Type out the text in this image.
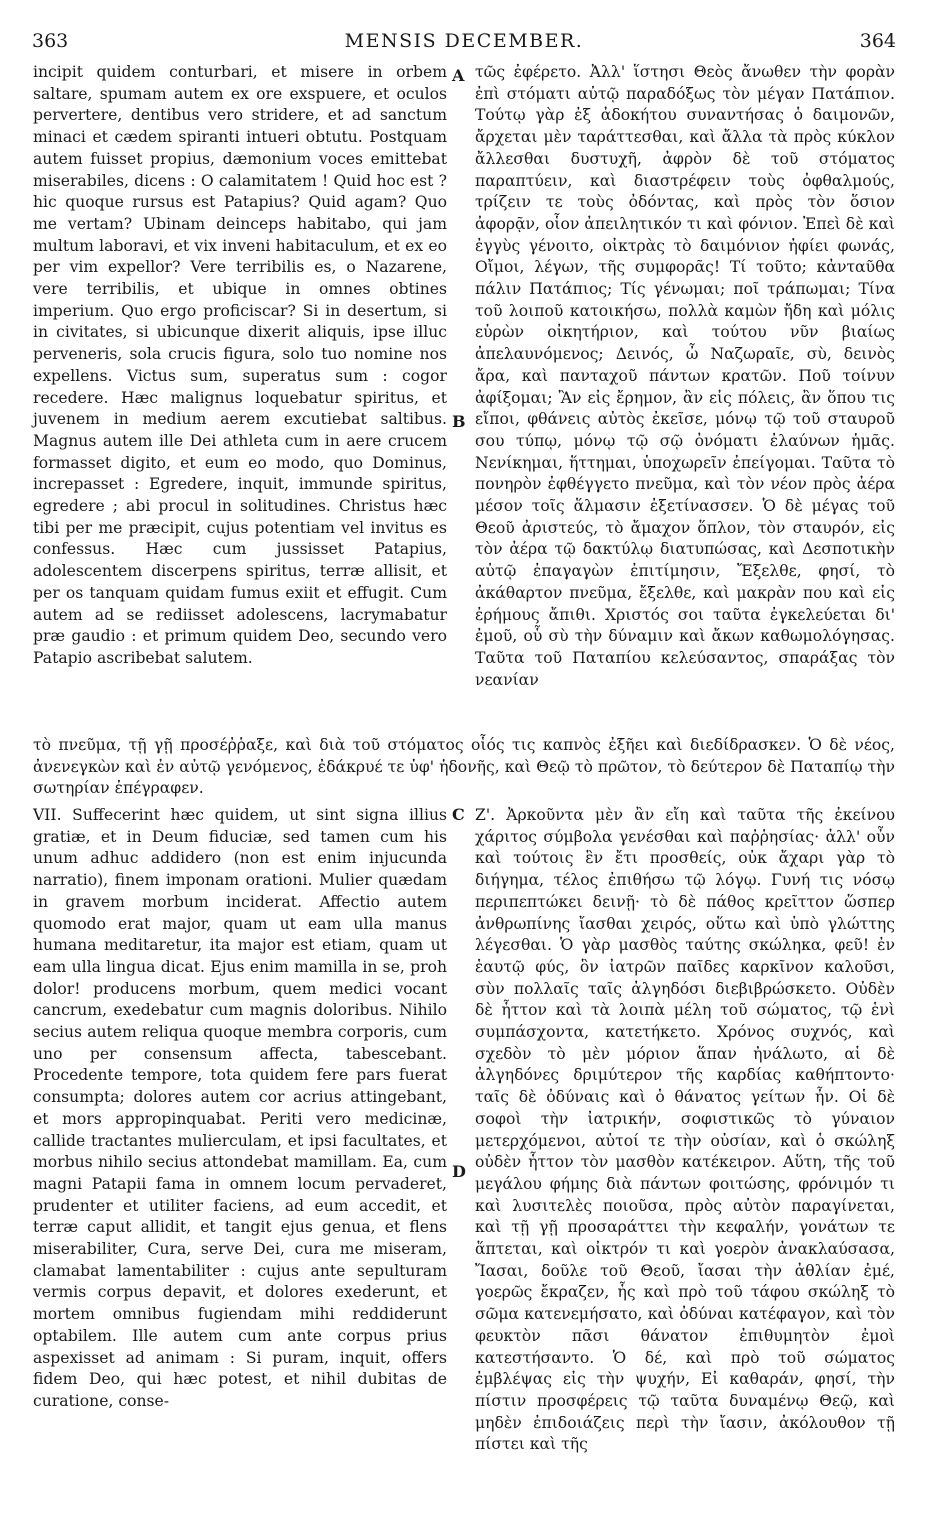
363	MENSIS DECEMBER.	364

incipit quidem conturbari, et misere in orbem saltare, spumam autem ex ore exspuere, et oculos pervertere, dentibus vero stridere, et ad sanctum minaci et cædem spiranti intueri obtutu. Postquam autem fuisset propius, dæmonium voces emittebat miserabiles, dicens : O calamitatem ! Quid hoc est ? hic quoque rursus est Patapius? Quid agam? Quo me vertam? Ubinam deinceps habitabo, qui jam multum laboravi, et vix inveni habitaculum, et ex eo per vim expellor? Vere terribilis es, o Nazarene, vere terribilis, et ubique in omnes obtines imperium. Quo ergo proficiscar? Si in desertum, si in civitates, si ubicunque dixerit aliquis, ipse illuc perveneris, sola crucis figura, solo tuo nomine nos expellens. Victus sum, superatus sum : cogor recedere. Hæc malignus loquebatur spiritus, et juvenem in medium aerem excutiebat saltibus. Magnus autem ille Dei athleta cum in aere crucem formasset digito, et eum eo modo, quo Dominus, increpasset : Egredere, inquit, immunde spiritus, egredere ; abi procul in solitudines. Christus hæc tibi per me præcipit, cujus potentiam vel invitus es confessus. Hæc cum jussisset Patapius, adolescentem discerpens spiritus, terræ allisit, et per os tanquam quidam fumus exiit et effugit. Cum autem ad se rediisset adolescens, lacrymabatur præ gaudio : et primum quidem Deo, secundo vero Patapio ascribebat salutem.

τῶς ἐφέρετο. Ἀλλ' ἵστησι Θεὸς ἄνωθεν τὴν φορὰν ἐπὶ στόματι αὐτῷ παραδόξως τὸν μέγαν Πατάπιον. Τούτῳ γὰρ ἐξ ἀδοκήτου συναντήσας ὁ δαιμονῶν, ἄρχεται μὲν ταράττεσθαι, καὶ ἄλλα τὰ πρὸς κύκλον ἄλλεσθαι δυστυχῆ, ἀφρὸν δὲ τοῦ στόματος παραπτύειν, καὶ διαστρέφειν τοὺς ὀφθαλμούς, τρίζειν τε τοὺς ὀδόντας, καὶ πρὸς τὸν ὅσιον ἀφορᾷν, οἷον ἀπειλητικόν τι καὶ φόνιον. Ἐπεὶ δὲ καὶ ἐγγὺς γένοιτο, οἰκτρὰς τὸ δαιμόνιον ἠφίει φωνάς, Οἴμοι, λέγων, τῆς συμφορᾶς! Τί τοῦτο; κἀνταῦθα πάλιν Πατάπιος; Τίς γένωμαι; ποῖ τράπωμαι; Τίνα τοῦ λοιποῦ κατοικήσω, πολλὰ καμὼν ἤδη καὶ μόλις εὑρὼν οἰκητήριον, καὶ τούτου νῦν βιαίως ἀπελαυνόμενος; Δεινός, ὦ Ναζωραῖε, σὺ, δεινὸς ἄρα, καὶ πανταχοῦ πάντων κρατῶν. Ποῦ τοίνυν ἀφίξομαι; Ἂν εἰς ἔρημον, ἂν εἰς πόλεις, ἂν ὅπου τις εἴποι, φθάνεις αὐτὸς ἐκεῖσε, μόνῳ τῷ τοῦ σταυροῦ σου τύπῳ, μόνῳ τῷ σῷ ὀνόματι ἐλαύνων ἡμᾶς. Νενίκημαι, ἥττημαι, ὑποχωρεῖν ἐπείγομαι. Ταῦτα τὸ πονηρὸν ἐφθέγγετο πνεῦμα, καὶ τὸν νέον πρὸς ἀέρα μέσον τοῖς ἅλμασιν ἐξετίνασσεν. Ὁ δὲ μέγας τοῦ Θεοῦ ἀριστεύς, τὸ ἄμαχον ὅπλον, τὸν σταυρόν, εἰς τὸν ἀέρα τῷ δακτύλῳ διατυπώσας, καὶ Δεσποτικὴν αὐτῷ ἐπαγαγὼν ἐπιτίμησιν, Ἔξελθε, φησί, τὸ ἀκάθαρτον πνεῦμα, ἔξελθε, καὶ μακρὰν που καὶ εἰς ἐρήμους ἄπιθι. Χριστός σοι ταῦτα ἐγκελεύεται δι' ἐμοῦ, οὗ σὺ τὴν δύναμιν καὶ ἄκων καθωμολόγησας. Ταῦτα τοῦ Παταπίου κελεύσαντος, σπαράξας τὸν νεανίαν

A
B
C
D

τὸ πνεῦμα, τῇ γῇ προσέῤῥαξε, καὶ διὰ τοῦ στόματος οἷός τις καπνὸς ἐξῆει καὶ διεδίδρασκεν. Ὁ δὲ νέος, ἀνενεγκὼν καὶ ἐν αὐτῷ γενόμενος, ἐδάκρυέ τε ὑφ' ἡδονῆς, καὶ Θεῷ τὸ πρῶτον, τὸ δεύτερον δὲ Παταπίῳ τὴν σωτηρίαν ἐπέγραφεν.

VII. Suffecerint hæc quidem, ut sint signa illius gratiæ, et in Deum fiduciæ, sed tamen cum his unum adhuc addidero (non est enim injucunda narratio), finem imponam orationi. Mulier quædam in gravem morbum inciderat. Affectio autem quomodo erat major, quam ut eam ulla manus humana meditaretur, ita major est etiam, quam ut eam ulla lingua dicat. Ejus enim mamilla in se, proh dolor! producens morbum, quem medici vocant cancrum, exedebatur cum magnis doloribus. Nihilo secius autem reliqua quoque membra corporis, cum uno per consensum affecta, tabescebant. Procedente tempore, tota quidem fere pars fuerat consumpta; dolores autem cor acrius attingebant, et mors appropinquabat. Periti vero medicinæ, callide tractantes mulierculam, et ipsi facultates, et morbus nihilo secius attondebat mamillam. Ea, cum magni Patapii fama in omnem locum pervaderet, prudenter et utiliter faciens, ad eum accedit, et terræ caput allidit, et tangit ejus genua, et flens miserabiliter, Cura, serve Dei, cura me miseram, clamabat lamentabiliter : cujus ante sepulturam vermis corpus depavit, et dolores exederunt, et mortem omnibus fugiendam mihi reddiderunt optabilem. Ille autem cum ante corpus prius aspexisset ad animam : Si puram, inquit, offers fidem Deo, qui hæc potest, et nihil dubitas de curatione, conse-

Ζ'. Ἀρκοῦντα μὲν ἂν εἴη καὶ ταῦτα τῆς ἐκείνου χάριτος σύμβολα γενέσθαι καὶ παῤῥησίας· ἀλλ' οὖν καὶ τούτοις ἓν ἔτι προσθείς, οὐκ ἄχαρι γὰρ τὸ διήγημα, τέλος ἐπιθήσω τῷ λόγῳ. Γυνή τις νόσῳ περιπεπτώκει δεινῇ· τὸ δὲ πάθος κρεῖττον ὥσπερ ἀνθρωπίνης ἴασθαι χειρός, οὕτω καὶ ὑπὸ γλώττης λέγεσθαι. Ὁ γὰρ μασθὸς ταύτης σκώληκα, φεῦ! ἐν ἑαυτῷ φύς, ὃν ἰατρῶν παῖδες καρκῖνον καλοῦσι, σὺν πολλαῖς ταῖς ἀλγηδόσι διεβιβρώσκετο. Οὐδὲν δὲ ἧττον καὶ τὰ λοιπὰ μέλη τοῦ σώματος, τῷ ἑνὶ συμπάσχοντα, κατετήκετο. Χρόνος συχνός, καὶ σχεδὸν τὸ μὲν μόριον ἅπαν ἠνάλωτο, αἱ δὲ ἀλγηδόνες δριμύτερον τῆς καρδίας καθήπτοντο· ταῖς δὲ ὀδύναις καὶ ὁ θάνατος γείτων ἦν. Οἱ δὲ σοφοὶ τὴν ἰατρικήν, σοφιστικῶς τὸ γύναιον μετερχόμενοι, αὐτοί τε τὴν οὐσίαν, καὶ ὁ σκώληξ οὐδὲν ἧττον τὸν μασθὸν κατέκειρον. Αὕτη, τῆς τοῦ μεγάλου φήμης διὰ πάντων φοιτώσης, φρόνιμόν τι καὶ λυσιτελὲς ποιοῦσα, πρὸς αὐτὸν παραγίνεται, καὶ τῇ γῇ προσαράττει τὴν κεφαλήν, γονάτων τε ἅπτεται, καὶ οἰκτρόν τι καὶ γοερὸν ἀνακλαύσασα, Ἴασαι, δοῦλε τοῦ Θεοῦ, ἴασαι τὴν ἀθλίαν ἐμέ, γοερῶς ἔκραζεν, ἧς καὶ πρὸ τοῦ τάφου σκώληξ τὸ σῶμα κατενεμήσατο, καὶ ὀδύναι κατέφαγον, καὶ τὸν φευκτὸν πᾶσι θάνατον ἐπιθυμητὸν ἐμοὶ κατεστήσαντο. Ὁ δέ, καὶ πρὸ τοῦ σώματος ἐμβλέψας εἰς τὴν ψυχήν, Εἰ καθαράν, φησί, τὴν πίστιν προσφέρεις τῷ ταῦτα δυναμένῳ Θεῷ, καὶ μηδὲν ἐπιδοιάζεις περὶ τὴν ἴασιν, ἀκόλουθον τῇ πίστει καὶ τῆς
